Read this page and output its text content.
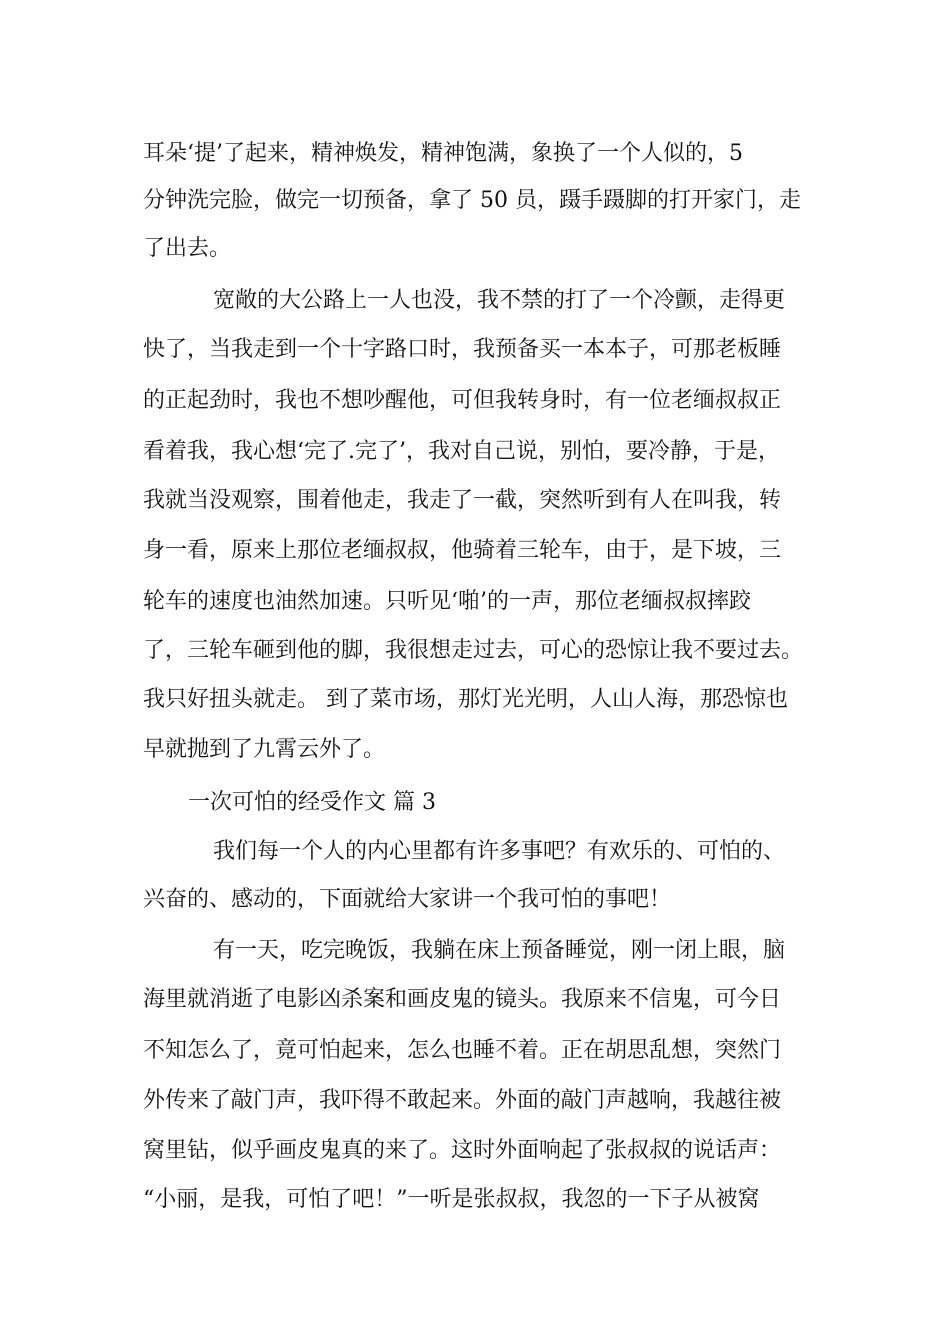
耳朵‘提’了起来，精神焕发，精神饱满，象换了一个人似的，5
分钟洗完脸，做完一切预备，拿了 50 员，蹑手蹑脚的打开家门，走
了出去。
宽敞的大公路上一人也没，我不禁的打了一个冷颤，走得更
快了，当我走到一个十字路口时，我预备买一本本子，可那老板睡
的正起劲时，我也不想吵醒他，可但我转身时，有一位老缅叔叔正
看着我，我心想‘完了.完了’，我对自己说，别怕，要冷静，于是，
我就当没观察，围着他走，我走了一截，突然听到有人在叫我，转
身一看，原来上那位老缅叔叔，他骑着三轮车，由于，是下坡，三
轮车的速度也油然加速。只听见‘啪’的一声，那位老缅叔叔摔跤
了，三轮车砸到他的脚，我很想走过去，可心的恐惊让我不要过去。
我只好扭头就走。 到了菜市场，那灯光光明，人山人海，那恐惊也
早就抛到了九霄云外了。
一次可怕的经受作文 篇 3
我们每一个人的内心里都有许多事吧？有欢乐的、可怕的、
兴奋的、感动的，下面就给大家讲一个我可怕的事吧！
有一天，吃完晚饭，我躺在床上预备睡觉，刚一闭上眼，脑
海里就消逝了电影凶杀案和画皮鬼的镜头。我原来不信鬼，可今日
不知怎么了，竟可怕起来，怎么也睡不着。正在胡思乱想，突然门
外传来了敲门声，我吓得不敢起来。外面的敲门声越响，我越往被
窝里钻，似乎画皮鬼真的来了。这时外面响起了张叔叔的说话声：
“小丽，是我，可怕了吧！”一听是张叔叔，我忽的一下子从被窝
